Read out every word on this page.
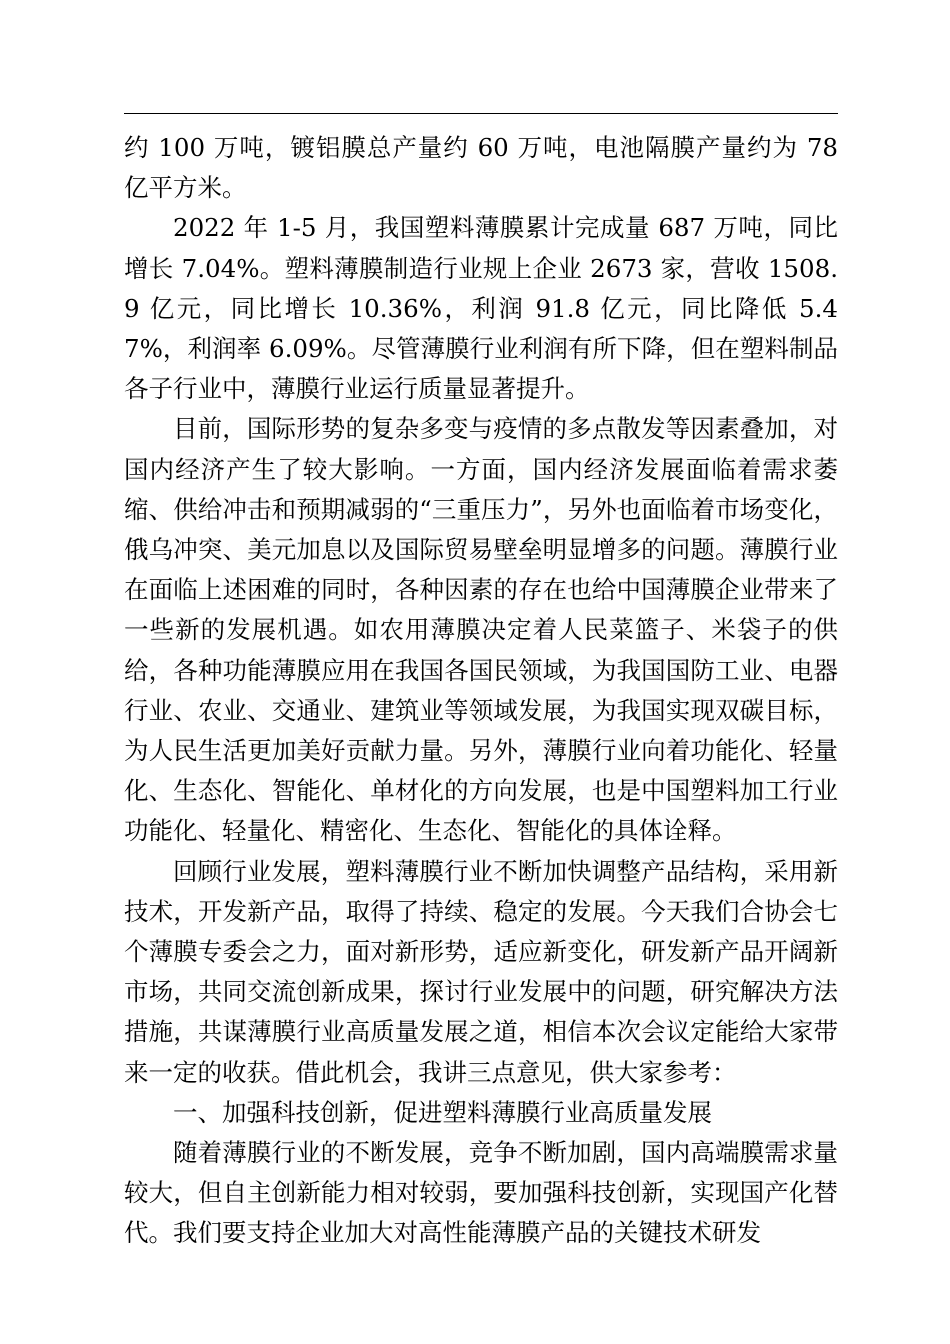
约 100 万吨，镀铝膜总产量约 60 万吨，电池隔膜产量约为 78 亿平方米。

2022 年 1-5 月，我国塑料薄膜累计完成量 687 万吨，同比增长 7.04%。塑料薄膜制造行业规上企业 2673 家，营收 1508.9 亿元，同比增长 10.36%，利润 91.8 亿元，同比降低 5.47%，利润率 6.09%。尽管薄膜行业利润有所下降，但在塑料制品各子行业中，薄膜行业运行质量显著提升。

目前，国际形势的复杂多变与疫情的多点散发等因素叠加，对国内经济产生了较大影响。一方面，国内经济发展面临着需求萎缩、供给冲击和预期减弱的“三重压力”，另外也面临着市场变化，俄乌冲突、美元加息以及国际贸易壁垒明显增多的问题。薄膜行业在面临上述困难的同时，各种因素的存在也给中国薄膜企业带来了一些新的发展机遇。如农用薄膜决定着人民菜篮子、米袋子的供给，各种功能薄膜应用在我国各国民领域，为我国国防工业、电器行业、农业、交通业、建筑业等领域发展，为我国实现双碳目标，为人民生活更加美好贡献力量。另外，薄膜行业向着功能化、轻量化、生态化、智能化、单材化的方向发展，也是中国塑料加工行业功能化、轻量化、精密化、生态化、智能化的具体诠释。

回顾行业发展，塑料薄膜行业不断加快调整产品结构，采用新技术，开发新产品，取得了持续、稳定的发展。今天我们合协会七个薄膜专委会之力，面对新形势，适应新变化，研发新产品开阔新市场，共同交流创新成果，探讨行业发展中的问题，研究解决方法措施，共谋薄膜行业高质量发展之道，相信本次会议定能给大家带来一定的收获。借此机会，我讲三点意见，供大家参考：

一、加强科技创新，促进塑料薄膜行业高质量发展

随着薄膜行业的不断发展，竞争不断加剧，国内高端膜需求量较大，但自主创新能力相对较弱，要加强科技创新，实现国产化替代。我们要支持企业加大对高性能薄膜产品的关键技术研发
